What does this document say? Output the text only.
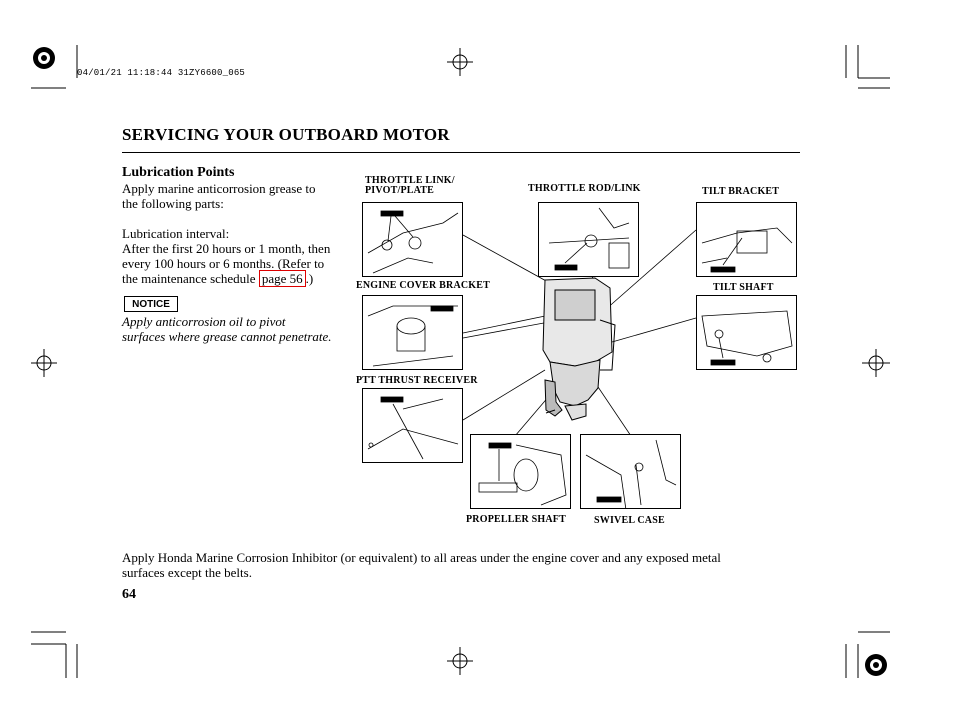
04/01/21 11:18:44 31ZY6600_065
SERVICING YOUR OUTBOARD MOTOR
Lubrication Points
Apply marine anticorrosion grease to
the following parts:
Lubrication interval:
After the first 20 hours or 1 month, then
every 100 hours or 6 months. (Refer to
the maintenance schedule page 56 .)
NOTICE
Apply anticorrosion oil to pivot
surfaces where grease cannot penetrate.
THROTTLE LINK/
PIVOT/PLATE	THROTTLE ROD/LINK	TILT BRACKET
ENGINE COVER BRACKET	TILT SHAFT
PTT THRUST RECEIVER
PROPELLER SHAFT	SWIVEL CASE
Apply Honda Marine Corrosion Inhibitor (or equivalent) to all areas under the engine cover and any exposed metal
surfaces except the belts.
64
